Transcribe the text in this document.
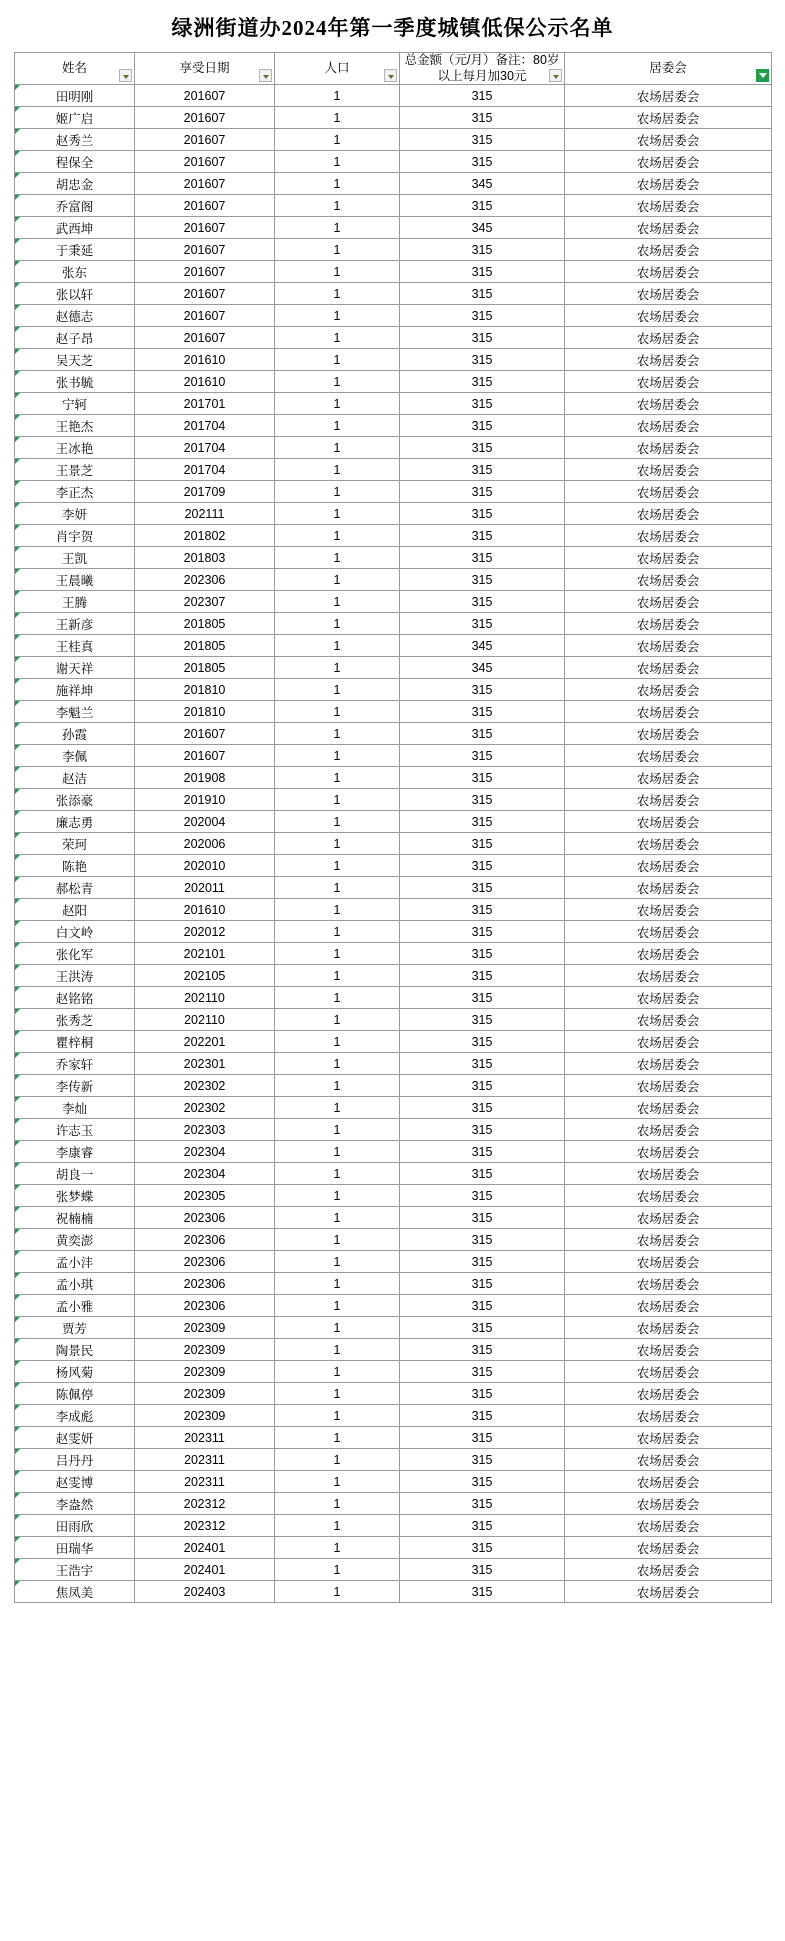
绿洲街道办2024年第一季度城镇低保公示名单
姓名	享受日期	人口	总金额（元/月）备注：80岁以上每月加30元	居委会

田明刚	201607	1	315	农场居委会
姬广启	201607	1	315	农场居委会
赵秀兰	201607	1	315	农场居委会
程保全	201607	1	315	农场居委会
胡忠金	201607	1	345	农场居委会
乔富阁	201607	1	315	农场居委会
武西坤	201607	1	345	农场居委会
于秉延	201607	1	315	农场居委会
张东	201607	1	315	农场居委会
张以轩	201607	1	315	农场居委会
赵德志	201607	1	315	农场居委会
赵子昂	201607	1	315	农场居委会
吴天芝	201610	1	315	农场居委会
张书毓	201610	1	315	农场居委会
宁轲	201701	1	315	农场居委会
王艳杰	201704	1	315	农场居委会
王冰艳	201704	1	315	农场居委会
王景芝	201704	1	315	农场居委会
李正杰	201709	1	315	农场居委会
李妍	202111	1	315	农场居委会
肖宇贺	201802	1	315	农场居委会
王凯	201803	1	315	农场居委会
王晨曦	202306	1	315	农场居委会
王腾	202307	1	315	农场居委会
王新彦	201805	1	315	农场居委会
王桂真	201805	1	345	农场居委会
谢天祥	201805	1	345	农场居委会
施祥坤	201810	1	315	农场居委会
李魁兰	201810	1	315	农场居委会
孙霞	201607	1	315	农场居委会
李佩	201607	1	315	农场居委会
赵洁	201908	1	315	农场居委会
张添豪	201910	1	315	农场居委会
廉志勇	202004	1	315	农场居委会
荣珂	202006	1	315	农场居委会
陈艳	202010	1	315	农场居委会
郝松青	202011	1	315	农场居委会
赵阳	201610	1	315	农场居委会
白文岭	202012	1	315	农场居委会
张化军	202101	1	315	农场居委会
王洪涛	202105	1	315	农场居委会
赵铭铭	202110	1	315	农场居委会
张秀芝	202110	1	315	农场居委会
瞿梓桐	202201	1	315	农场居委会
乔家轩	202301	1	315	农场居委会
李传新	202302	1	315	农场居委会
李灿	202302	1	315	农场居委会
许志玉	202303	1	315	农场居委会
李康睿	202304	1	315	农场居委会
胡良一	202304	1	315	农场居委会
张梦蝶	202305	1	315	农场居委会
祝楠楠	202306	1	315	农场居委会
黄奕澎	202306	1	315	农场居委会
孟小沣	202306	1	315	农场居委会
孟小琪	202306	1	315	农场居委会
孟小雅	202306	1	315	农场居委会
贾芳	202309	1	315	农场居委会
陶景民	202309	1	315	农场居委会
杨风菊	202309	1	315	农场居委会
陈佩停	202309	1	315	农场居委会
李成彪	202309	1	315	农场居委会
赵雯妍	202311	1	315	农场居委会
吕丹丹	202311	1	315	农场居委会
赵雯博	202311	1	315	农场居委会
李盎然	202312	1	315	农场居委会
田雨欣	202312	1	315	农场居委会
田瑞华	202401	1	315	农场居委会
王浩宇	202401	1	315	农场居委会
焦凤美	202403	1	315	农场居委会
